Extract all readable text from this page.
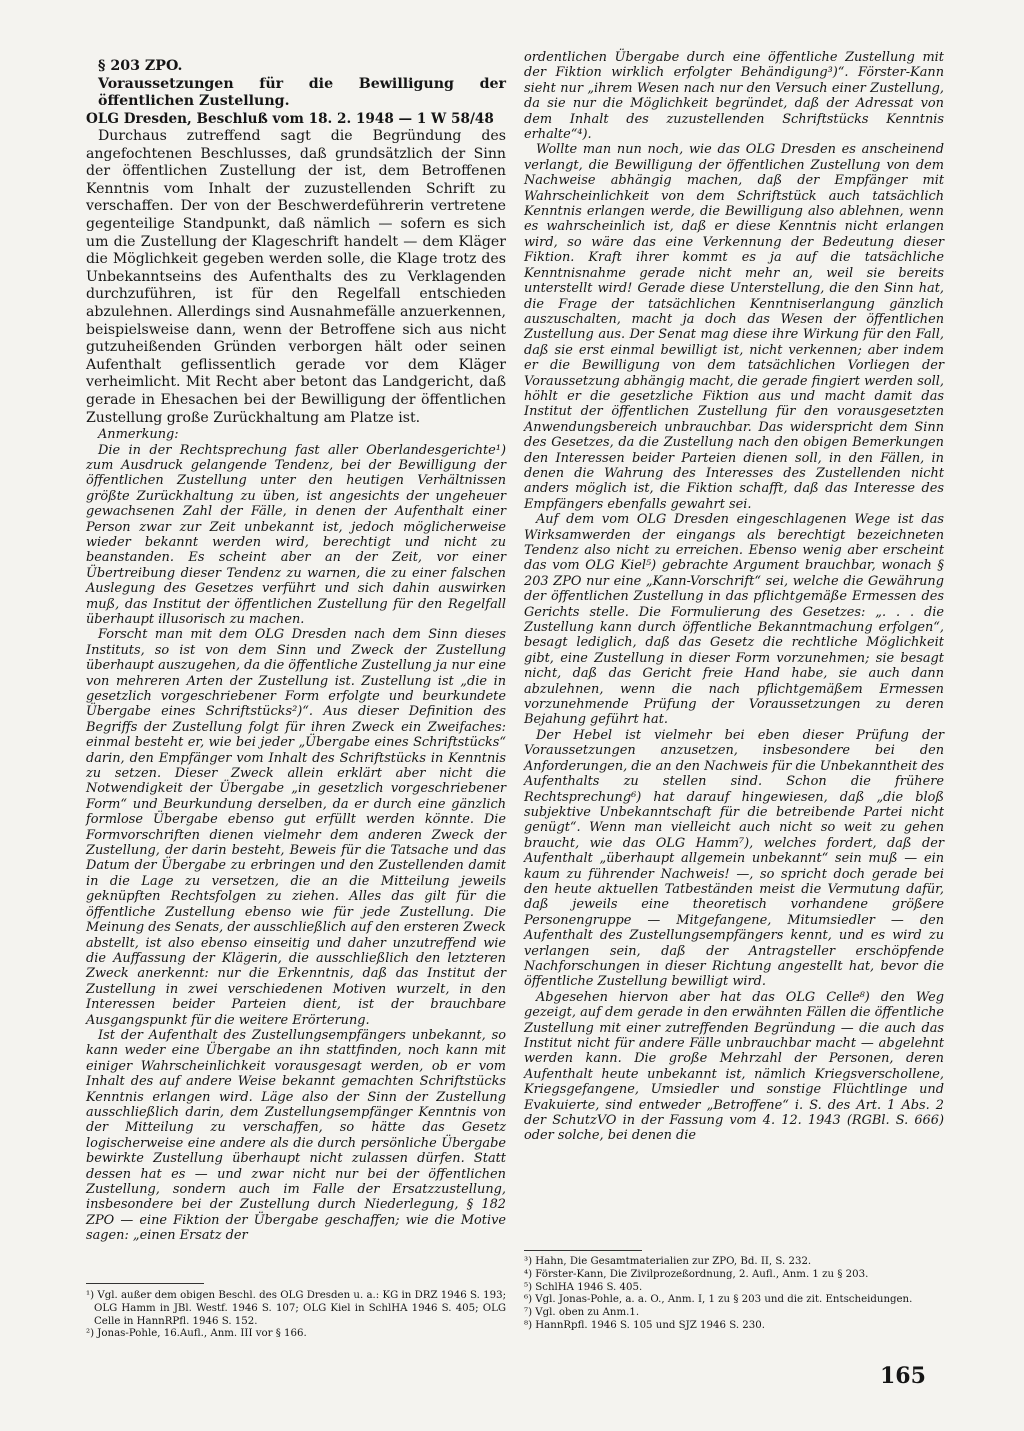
§ 203 ZPO.

Voraussetzungen für die Bewilligung der öffentlichen Zustellung.

OLG Dresden, Beschluß vom 18. 2. 1948 — 1 W 58/48

Durchaus zutreffend sagt die Begründung des angefochtenen Beschlusses, daß grundsätzlich der Sinn der öffentlichen Zustellung der ist, dem Betroffenen Kenntnis vom Inhalt der zuzustellenden Schrift zu verschaffen. Der von der Beschwerdeführerin vertretene gegenteilige Standpunkt, daß nämlich — sofern es sich um die Zustellung der Klageschrift handelt — dem Kläger die Möglichkeit gegeben werden solle, die Klage trotz des Unbekanntseins des Aufenthalts des zu Verklagenden durchzuführen, ist für den Regelfall entschieden abzulehnen. Allerdings sind Ausnahmefälle anzuerkennen, beispielsweise dann, wenn der Betroffene sich aus nicht gutzuheißenden Gründen verborgen hält oder seinen Aufenthalt geflissentlich gerade vor dem Kläger verheimlicht. Mit Recht aber betont das Landgericht, daß gerade in Ehesachen bei der Bewilligung der öffentlichen Zustellung große Zurückhaltung am Platze ist.

Anmerkung:

Die in der Rechtsprechung fast aller Oberlandesgerichte¹) zum Ausdruck gelangende Tendenz, bei der Bewilligung der öffentlichen Zustellung unter den heutigen Verhältnissen größte Zurückhaltung zu üben, ist angesichts der ungeheuer gewachsenen Zahl der Fälle, in denen der Aufenthalt einer Person zwar zur Zeit unbekannt ist, jedoch möglicherweise wieder bekannt werden wird, berechtigt und nicht zu beanstanden. Es scheint aber an der Zeit, vor einer Übertreibung dieser Tendenz zu warnen, die zu einer falschen Auslegung des Gesetzes verführt und sich dahin auswirken muß, das Institut der öffentlichen Zustellung für den Regelfall überhaupt illusorisch zu machen.

Forscht man mit dem OLG Dresden nach dem Sinn dieses Instituts, so ist von dem Sinn und Zweck der Zustellung überhaupt auszugehen, da die öffentliche Zustellung ja nur eine von mehreren Arten der Zustellung ist. Zustellung ist „die in gesetzlich vorgeschriebener Form erfolgte und beurkundete Übergabe eines Schriftstücks²)“. Aus dieser Definition des Begriffs der Zustellung folgt für ihren Zweck ein Zweifaches: einmal besteht er, wie bei jeder „Übergabe eines Schriftstücks“ darin, den Empfänger vom Inhalt des Schriftstücks in Kenntnis zu setzen. Dieser Zweck allein erklärt aber nicht die Notwendigkeit der Übergabe „in gesetzlich vorgeschriebener Form“ und Beurkundung derselben, da er durch eine gänzlich formlose Übergabe ebenso gut erfüllt werden könnte. Die Formvorschriften dienen vielmehr dem anderen Zweck der Zustellung, der darin besteht, Beweis für die Tatsache und das Datum der Übergabe zu erbringen und den Zustellenden damit in die Lage zu versetzen, die an die Mitteilung jeweils geknüpften Rechtsfolgen zu ziehen. Alles das gilt für die öffentliche Zustellung ebenso wie für jede Zustellung. Die Meinung des Senats, der ausschließlich auf den ersteren Zweck abstellt, ist also ebenso einseitig und daher unzutreffend wie die Auffassung der Klägerin, die ausschließlich den letzteren Zweck anerkennt: nur die Erkenntnis, daß das Institut der Zustellung in zwei verschiedenen Motiven wurzelt, in den Interessen beider Parteien dient, ist der brauchbare Ausgangspunkt für die weitere Erörterung.

Ist der Aufenthalt des Zustellungsempfängers unbekannt, so kann weder eine Übergabe an ihn stattfinden, noch kann mit einiger Wahrscheinlichkeit vorausgesagt werden, ob er vom Inhalt des auf andere Weise bekannt gemachten Schriftstücks Kenntnis erlangen wird. Läge also der Sinn der Zustellung ausschließlich darin, dem Zustellungsempfänger Kenntnis von der Mitteilung zu verschaffen, so hätte das Gesetz logischerweise eine andere als die durch persönliche Übergabe bewirkte Zustellung überhaupt nicht zulassen dürfen. Statt dessen hat es — und zwar nicht nur bei der öffentlichen Zustellung, sondern auch im Falle der Ersatzzustellung, insbesondere bei der Zustellung durch Niederlegung, § 182 ZPO — eine Fiktion der Übergabe geschaffen; wie die Motive sagen: „einen Ersatz der

¹) Vgl. außer dem obigen Beschl. des OLG Dresden u. a.: KG in DRZ 1946 S. 193; OLG Hamm in JBl. Westf. 1946 S. 107; OLG Kiel in SchlHA 1946 S. 405; OLG Celle in HannRPfl. 1946 S. 152.

²) Jonas-Pohle, 16.Aufl., Anm. III vor § 166.

ordentlichen Übergabe durch eine öffentliche Zustellung mit der Fiktion wirklich erfolgter Behändigung³)“. Förster-Kann sieht nur „ihrem Wesen nach nur den Versuch einer Zustellung, da sie nur die Möglichkeit begründet, daß der Adressat von dem Inhalt des zuzustellenden Schriftstücks Kenntnis erhalte“⁴).

Wollte man nun noch, wie das OLG Dresden es anscheinend verlangt, die Bewilligung der öffentlichen Zustellung von dem Nachweise abhängig machen, daß der Empfänger mit Wahrscheinlichkeit von dem Schriftstück auch tatsächlich Kenntnis erlangen werde, die Bewilligung also ablehnen, wenn es wahrscheinlich ist, daß er diese Kenntnis nicht erlangen wird, so wäre das eine Verkennung der Bedeutung dieser Fiktion. Kraft ihrer kommt es ja auf die tatsächliche Kenntnisnahme gerade nicht mehr an, weil sie bereits unterstellt wird! Gerade diese Unterstellung, die den Sinn hat, die Frage der tatsächlichen Kenntniserlangung gänzlich auszuschalten, macht ja doch das Wesen der öffentlichen Zustellung aus. Der Senat mag diese ihre Wirkung für den Fall, daß sie erst einmal bewilligt ist, nicht verkennen; aber indem er die Bewilligung von dem tatsächlichen Vorliegen der Voraussetzung abhängig macht, die gerade fingiert werden soll, höhlt er die gesetzliche Fiktion aus und macht damit das Institut der öffentlichen Zustellung für den vorausgesetzten Anwendungsbereich unbrauchbar. Das widerspricht dem Sinn des Gesetzes, da die Zustellung nach den obigen Bemerkungen den Interessen beider Parteien dienen soll, in den Fällen, in denen die Wahrung des Interesses des Zustellenden nicht anders möglich ist, die Fiktion schafft, daß das Interesse des Empfängers ebenfalls gewahrt sei.

Auf dem vom OLG Dresden eingeschlagenen Wege ist das Wirksamwerden der eingangs als berechtigt bezeichneten Tendenz also nicht zu erreichen. Ebenso wenig aber erscheint das vom OLG Kiel⁵) gebrachte Argument brauchbar, wonach § 203 ZPO nur eine „Kann-Vorschrift“ sei, welche die Gewährung der öffentlichen Zustellung in das pflichtgemäße Ermessen des Gerichts stelle. Die Formulierung des Gesetzes: „. . . die Zustellung kann durch öffentliche Bekanntmachung erfolgen“, besagt lediglich, daß das Gesetz die rechtliche Möglichkeit gibt, eine Zustellung in dieser Form vorzunehmen; sie besagt nicht, daß das Gericht freie Hand habe, sie auch dann abzulehnen, wenn die nach pflichtgemäßem Ermessen vorzunehmende Prüfung der Voraussetzungen zu deren Bejahung geführt hat.

Der Hebel ist vielmehr bei eben dieser Prüfung der Voraussetzungen anzusetzen, insbesondere bei den Anforderungen, die an den Nachweis für die Unbekanntheit des Aufenthalts zu stellen sind. Schon die frühere Rechtsprechung⁶) hat darauf hingewiesen, daß „die bloß subjektive Unbekanntschaft für die betreibende Partei nicht genügt“. Wenn man vielleicht auch nicht so weit zu gehen braucht, wie das OLG Hamm⁷), welches fordert, daß der Aufenthalt „überhaupt allgemein unbekannt“ sein muß — ein kaum zu führender Nachweis! —, so spricht doch gerade bei den heute aktuellen Tatbeständen meist die Vermutung dafür, daß jeweils eine theoretisch vorhandene größere Personengruppe — Mitgefangene, Mitumsiedler — den Aufenthalt des Zustellungsempfängers kennt, und es wird zu verlangen sein, daß der Antragsteller erschöpfende Nachforschungen in dieser Richtung angestellt hat, bevor die öffentliche Zustellung bewilligt wird.

Abgesehen hiervon aber hat das OLG Celle⁸) den Weg gezeigt, auf dem gerade in den erwähnten Fällen die öffentliche Zustellung mit einer zutreffenden Begründung — die auch das Institut nicht für andere Fälle unbrauchbar macht — abgelehnt werden kann. Die große Mehrzahl der Personen, deren Aufenthalt heute unbekannt ist, nämlich Kriegsverschollene, Kriegsgefangene, Umsiedler und sonstige Flüchtlinge und Evakuierte, sind entweder „Betroffene“ i. S. des Art. 1 Abs. 2 der SchutzVO in der Fassung vom 4. 12. 1943 (RGBl. S. 666) oder solche, bei denen die

³) Hahn, Die Gesamtmaterialien zur ZPO, Bd. II, S. 232.

⁴) Förster-Kann, Die Zivilprozeßordnung, 2. Aufl., Anm. 1 zu § 203.

⁵) SchlHA 1946 S. 405.

⁶) Vgl. Jonas-Pohle, a. a. O., Anm. I, 1 zu § 203 und die zit. Entscheidungen.

⁷) Vgl. oben zu Anm.1.

⁸) HannRpfl. 1946 S. 105 und SJZ 1946 S. 230.

165
